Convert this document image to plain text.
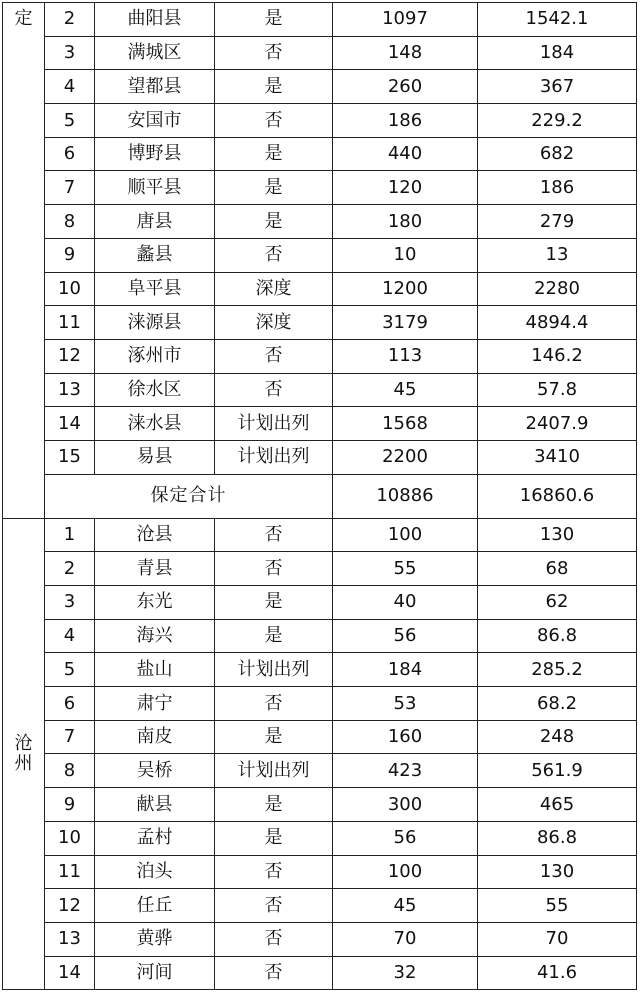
定	2	曲阳县	是	1097	1542.1
	3	满城区	否	148	184
	4	望都县	是	260	367
	5	安国市	否	186	229.2
	6	博野县	是	440	682
	7	顺平县	是	120	186
	8	唐县	是	180	279
	9	蠡县	否	10	13
	10	阜平县	深度	1200	2280
	11	涞源县	深度	3179	4894.4
	12	涿州市	否	113	146.2
	13	徐水区	否	45	57.8
	14	涞水县	计划出列	1568	2407.9
	15	易县	计划出列	2200	3410
	保定合计			10886	16860.6

沧
州	1	沧县	否	100	130
	2	青县	否	55	68
	3	东光	是	40	62
	4	海兴	是	56	86.8
	5	盐山	计划出列	184	285.2
	6	肃宁	否	53	68.2
	7	南皮	是	160	248
	8	吴桥	计划出列	423	561.9
	9	献县	是	300	465
	10	孟村	是	56	86.8
	11	泊头	否	100	130
	12	任丘	否	45	55
	13	黄骅	否	70	70
	14	河间	否	32	41.6
